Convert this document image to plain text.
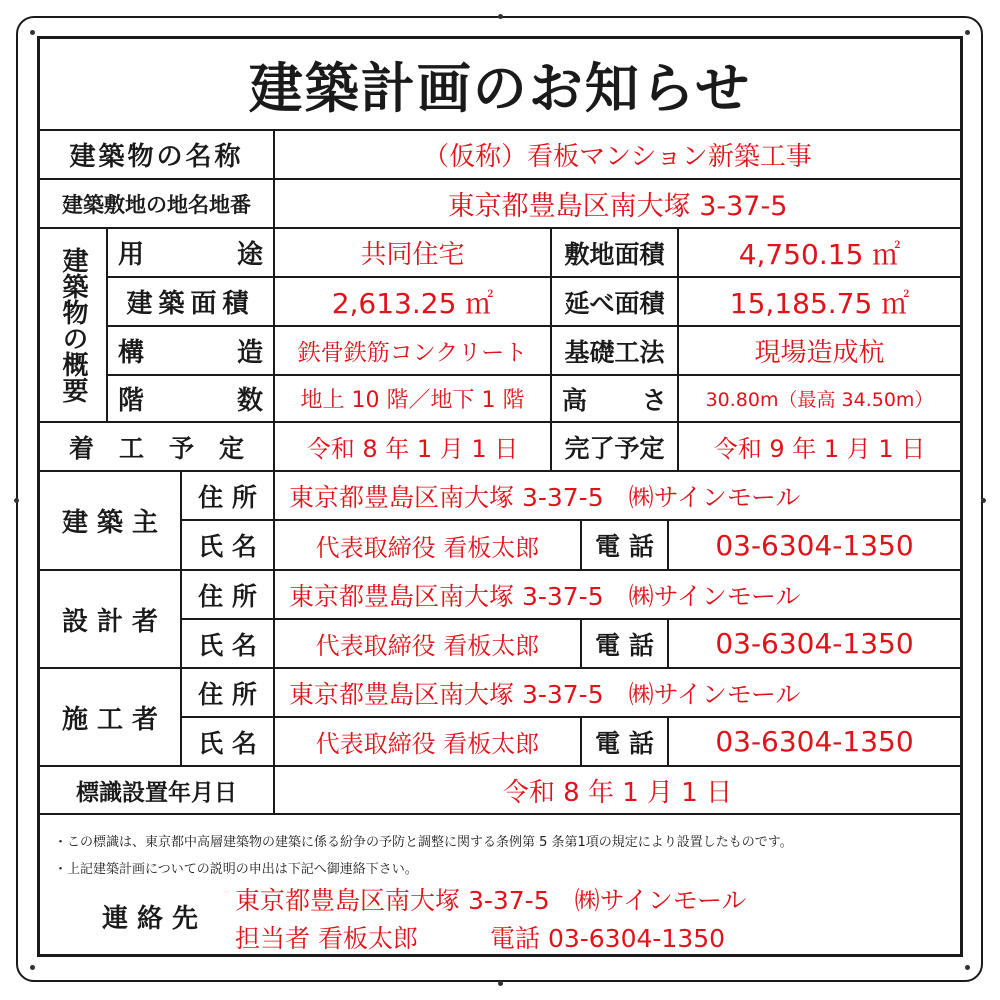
建築計画のお知らせ
建築物の名称	（仮称）看板マンション新築工事
建築敷地の地名地番	東京都豊島区南大塚 3-37-5
建築物の概要	用	途	共同住宅	敷地面積	4,750.15 ㎡
建築面積	2,613.25 ㎡	延べ面積	15,185.75 ㎡
構	造	鉄骨鉄筋コンクリート	基礎工法	現場造成杭
階	数	地上 10 階／地下 1 階	高 さ	30.80m（最高 34.50m）
着　工　予　定	令和 8 年 1 月 1 日	完了予定	令和 9 年 1 月 1 日
建 築 主
住 所	東京都豊島区南大塚 3-37-5　㈱サインモール
氏 名	代表取締役 看板太郎	電 話	03-6304-1350
設 計 者
住 所	東京都豊島区南大塚 3-37-5　㈱サインモール
氏 名	代表取締役 看板太郎	電 話	03-6304-1350
施 工 者
住 所	東京都豊島区南大塚 3-37-5　㈱サインモール
氏 名	代表取締役 看板太郎	電 話	03-6304-1350
標識設置年月日	令和 8 年 1 月 1 日
・この標識は、東京都中高層建築物の建築に係る紛争の予防と調整に関する条例第 5 条第1項の規定により設置したものです。
・上記建築計画についての説明の申出は下記へ御連絡下さい。
連 絡 先
東京都豊島区南大塚 3-37-5　㈱サインモール
担当者 看板太郎	電話 03-6304-1350
